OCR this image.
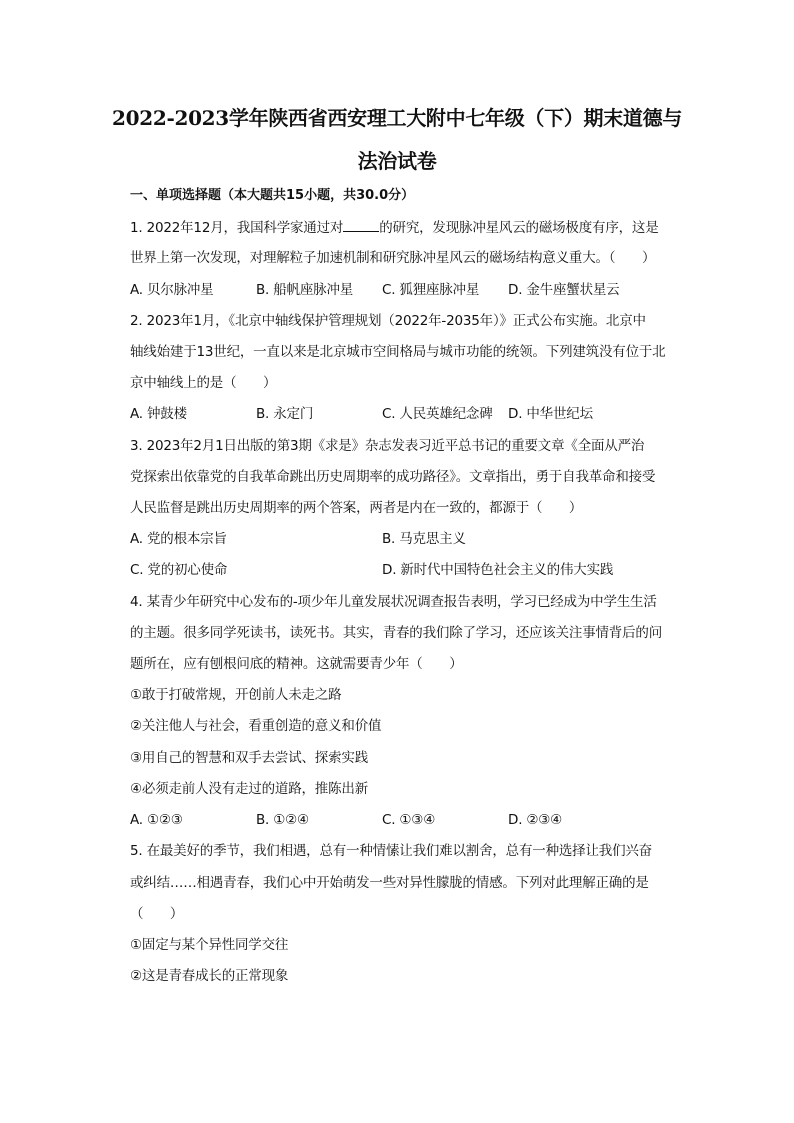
2022-2023学年陕西省西安理工大附中七年级（下）期末道德与
法治试卷
一、单项选择题（本大题共15小题，共30.0分）
1. 2022年12月，我国科学家通过对	的研究，发现脉冲星风云的磁场极度有序，这是
世界上第一次发现，对理解粒子加速机制和研究脉冲星风云的磁场结构意义重大。（　　）
A. 贝尔脉冲星	B. 船帆座脉冲星 C. 狐狸座脉冲星 D. 金牛座蟹状星云
2. 2023年1月，《北京中轴线保护管理规划（2022年-2035年）》正式公布实施。北京中
轴线始建于13世纪，一直以来是北京城市空间格局与城市功能的统领。下列建筑没有位于北
京中轴线上的是（　　）
A. 钟鼓楼	B. 永定门	C. 人民英雄纪念碑 D. 中华世纪坛
3. 2023年2月1日出版的第3期《求是》杂志发表习近平总书记的重要文章《全面从严治
党探索出依靠党的自我革命跳出历史周期率的成功路径》。文章指出，勇于自我革命和接受
人民监督是跳出历史周期率的两个答案，两者是内在一致的，都源于（　　）
A. 党的根本宗旨	B. 马克思主义
C. 党的初心使命	D. 新时代中国特色社会主义的伟大实践
4. 某青少年研究中心发布的-项少年儿童发展状况调查报告表明，学习已经成为中学生生活
的主题。很多同学死读书，读死书。其实，青春的我们除了学习，还应该关注事情背后的问
题所在，应有刨根问底的精神。这就需要青少年（　　）
①敢于打破常规，开创前人未走之路
②关注他人与社会，看重创造的意义和价值
③用自己的智慧和双手去尝试、探索实践
④必须走前人没有走过的道路，推陈出新
A. ①②③	B. ①②④	C. ①③④	D. ②③④
5. 在最美好的季节，我们相遇，总有一种情愫让我们难以割舍，总有一种选择让我们兴奋
或纠结……相遇青春，我们心中开始萌发一些对异性朦胧的情感。下列对此理解正确的是
（　　）
①固定与某个异性同学交往
②这是青春成长的正常现象
